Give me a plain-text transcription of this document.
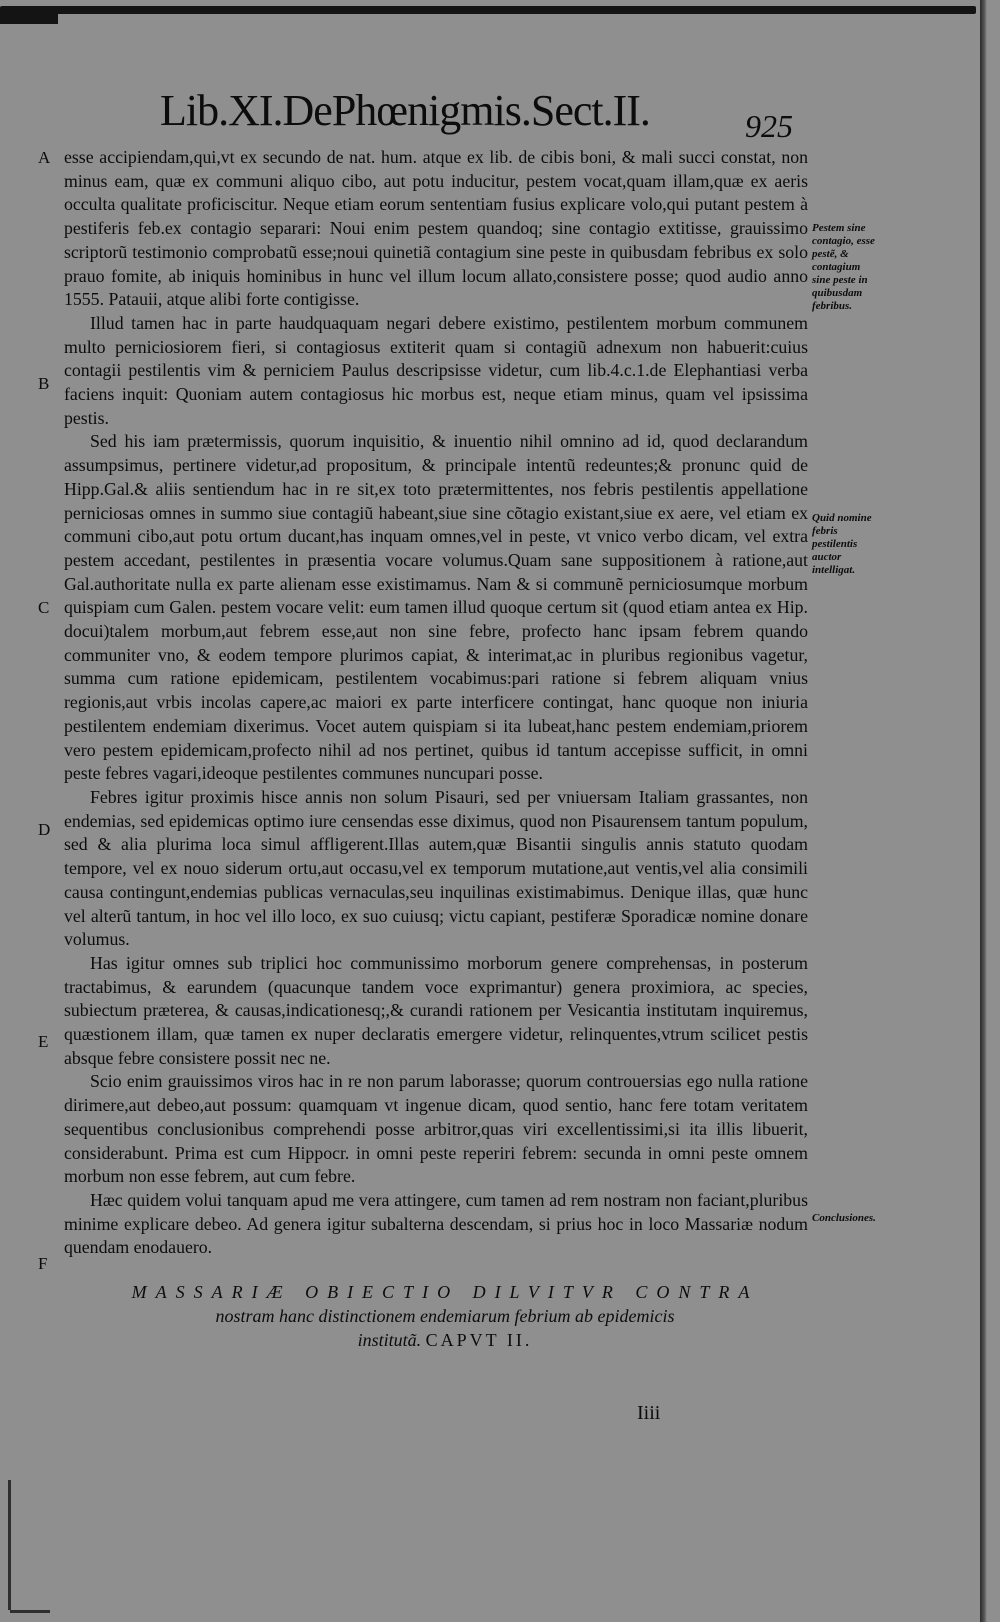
Lib.XI.DePhœnigmis.Sect.II.	925
A
B
C
D
E
F

esse accipiendam,qui,vt ex secundo de nat. hum. atque ex lib. de cibis boni, & mali succi constat, non minus eam, quæ ex communi aliquo cibo, aut potu inducitur, pestem vocat,quam illam,quæ ex aeris occulta qualitate proficiscitur. Neque etiam eorum sententiam fusius explicare volo,qui putant pestem à pestiferis feb.ex contagio separari: Noui enim pestem quandoq; sine contagio extitisse, grauissimo scriptorũ testimonio comprobatũ esse;noui quinetiã contagium sine peste in quibusdam febribus ex solo prauo fomite, ab iniquis hominibus in hunc vel illum locum allato,consistere posse; quod audio anno 1555. Patauii, atque alibi forte contigisse.

Illud tamen hac in parte haudquaquam negari debere existimo, pestilentem morbum communem multo perniciosiorem fieri, si contagiosus extiterit quam si contagiũ adnexum non habuerit:cuius contagii pestilentis vim & perniciem Paulus descripsisse videtur, cum lib.4.c.1.de Elephantiasi verba faciens inquit: Quoniam autem contagiosus hic morbus est, neque etiam minus, quam vel ipsissima pestis.

Sed his iam prætermissis, quorum inquisitio, & inuentio nihil omnino ad id, quod declarandum assumpsimus, pertinere videtur,ad propositum, & principale intentũ redeuntes;& pronunc quid de Hipp.Gal.& aliis sentiendum hac in re sit,ex toto prætermittentes, nos febris pestilentis appellatione perniciosas omnes in summo siue contagiũ habeant,siue sine cõtagio existant,siue ex aere, vel etiam ex communi cibo,aut potu ortum ducant,has inquam omnes,vel in peste, vt vnico verbo dicam, vel extra pestem accedant, pestilentes in præsentia vocare volumus.Quam sane suppositionem à ratione,aut Gal.authoritate nulla ex parte alienam esse existimamus. Nam & si communẽ perniciosumque morbum quispiam cum Galen. pestem vocare velit: eum tamen illud quoque certum sit (quod etiam antea ex Hip. docui)talem morbum,aut febrem esse,aut non sine febre, profecto hanc ipsam febrem quando communiter vno, & eodem tempore plurimos capiat, & interimat,ac in pluribus regionibus vagetur, summa cum ratione epidemicam, pestilentem vocabimus:pari ratione si febrem aliquam vnius regionis,aut vrbis incolas capere,ac maiori ex parte interficere contingat, hanc quoque non iniuria pestilentem endemiam dixerimus. Vocet autem quispiam si ita lubeat,hanc pestem endemiam,priorem vero pestem epidemicam,profecto nihil ad nos pertinet, quibus id tantum accepisse sufficit, in omni peste febres vagari,ideoque pestilentes communes nuncupari posse.

Febres igitur proximis hisce annis non solum Pisauri, sed per vniuersam Italiam grassantes, non endemias, sed epidemicas optimo iure censendas esse diximus, quod non Pisaurensem tantum populum, sed & alia plurima loca simul affligerent.Illas autem,quæ Bisantii singulis annis statuto quodam tempore, vel ex nouo siderum ortu,aut occasu,vel ex temporum mutatione,aut ventis,vel alia consimili causa contingunt,endemias publicas vernaculas,seu inquilinas existimabimus. Denique illas, quæ hunc vel alterũ tantum, in hoc vel illo loco, ex suo cuiusq; victu capiant, pestiferæ Sporadicæ nomine donare volumus.

Has igitur omnes sub triplici hoc communissimo morborum genere comprehensas, in posterum tractabimus, & earundem (quacunque tandem voce exprimantur) genera proximiora, ac species, subiectum præterea, & causas,indicationesq;,& curandi rationem per Vesicantia institutam inquiremus, quæstionem illam, quæ tamen ex nuper declaratis emergere videtur, relinquentes,vtrum scilicet pestis absque febre consistere possit nec ne.

Scio enim grauissimos viros hac in re non parum laborasse; quorum controuersias ego nulla ratione dirimere,aut debeo,aut possum: quamquam vt ingenue dicam, quod sentio, hanc fere totam veritatem sequentibus conclusionibus comprehendi posse arbitror,quas viri excellentissimi,si ita illis libuerit, considerabunt. Prima est cum Hippocr. in omni peste reperiri febrem: secunda in omni peste omnem morbum non esse febrem, aut cum febre.

Hæc quidem volui tanquam apud me vera attingere, cum tamen ad rem nostram non faciant,pluribus minime explicare debeo. Ad genera igitur subalterna descendam, si prius hoc in loco Massariæ nodum quendam enodauero.

Pestem sine contagio, esse pestẽ, & contagium sine peste in quibusdam febribus.
Quid nomine febris pestilentis auctor intelligat.
Conclusiones.
MASSARIÆ OBIECTIO DILVITVR CONTRA
nostram hanc distinctionem endemiarum febrium ab epidemicis
institutã. CAPVT II.
Iiii
